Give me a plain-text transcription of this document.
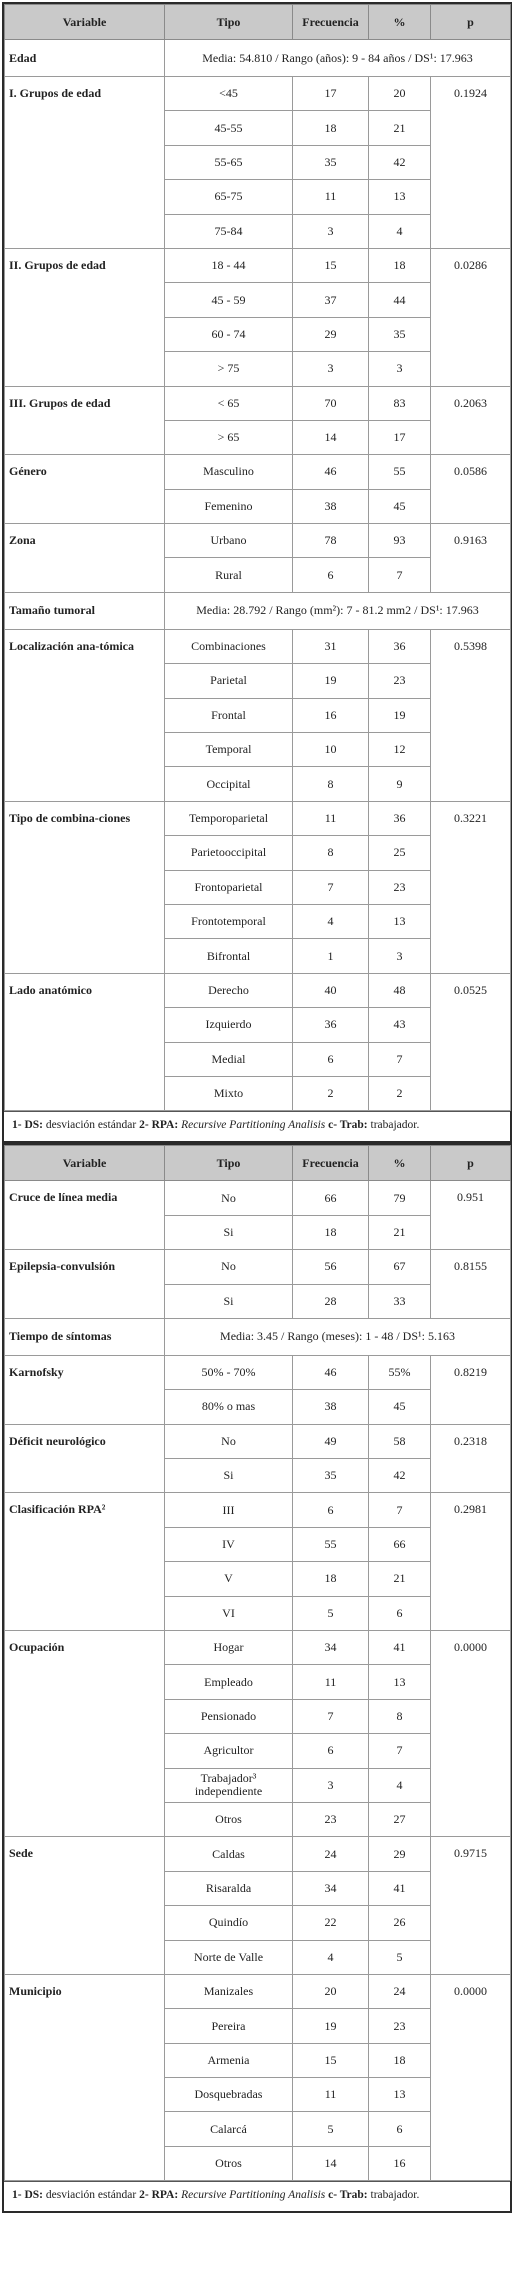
Variable	Tipo	Frecuencia	%	p
Edad	Media: 54.810 / Rango (años): 9 - 84 años / DS¹: 17.963			
I. Grupos de edad	<45	17	20	0.1924
	45-55	18	21	
	55-65	35	42	
	65-75	11	13	
	75-84	3	4	
II. Grupos de edad	18 - 44	15	18	0.0286
	45 - 59	37	44	
	60 - 74	29	35	
	> 75	3	3	
III. Grupos de edad	< 65	70	83	0.2063
	> 65	14	17	
Género	Masculino	46	55	0.0586
	Femenino	38	45	
Zona	Urbano	78	93	0.9163
	Rural	6	7	
Tamaño tumoral	Media: 28.792 / Rango (mm²): 7 - 81.2 mm2 / DS¹: 17.963			
Localización ana-tómica	Combinaciones	31	36	0.5398
	Parietal	19	23	
	Frontal	16	19	
	Temporal	10	12	
	Occipital	8	9	
Tipo de combina-ciones	Temporoparietal	11	36	0.3221
	Parietooccipital	8	25	
	Frontoparietal	7	23	
	Frontotemporal	4	13	
	Bifrontal	1	3	
Lado anatómico	Derecho	40	48	0.0525
	Izquierdo	36	43	
	Medial	6	7	
	Mixto	2	2	
1- DS: desviación estándar 2- RPA: Recursive Partitioning Analisis c- Trab: trabajador.
Variable	Tipo	Frecuencia	%	p
Cruce de línea media	No	66	79	0.951
	Si	18	21	
Epilepsia-convulsión	No	56	67	0.8155
	Si	28	33	
Tiempo de síntomas	Media: 3.45 / Rango (meses): 1 - 48 / DS¹: 5.163			
Karnofsky	50% - 70%	46	55%	0.8219
	80% o mas	38	45	
Déficit neurológico	No	49	58	0.2318
	Si	35	42	
Clasificación RPA²	III	6	7	0.2981
	IV	55	66	
	V	18	21	
	VI	5	6	
Ocupación	Hogar	34	41	0.0000
	Empleado	11	13	
	Pensionado	7	8	
	Agricultor	6	7	
	Trabajador³ independiente	3	4	
	Otros	23	27	
Sede	Caldas	24	29	0.9715
	Risaralda	34	41	
	Quindío	22	26	
	Norte de Valle	4	5	
Municipio	Manizales	20	24	0.0000
	Pereira	19	23	
	Armenia	15	18	
	Dosquebradas	11	13	
	Calarcá	5	6	
	Otros	14	16	
1- DS: desviación estándar 2- RPA: Recursive Partitioning Analisis c- Trab: trabajador.
